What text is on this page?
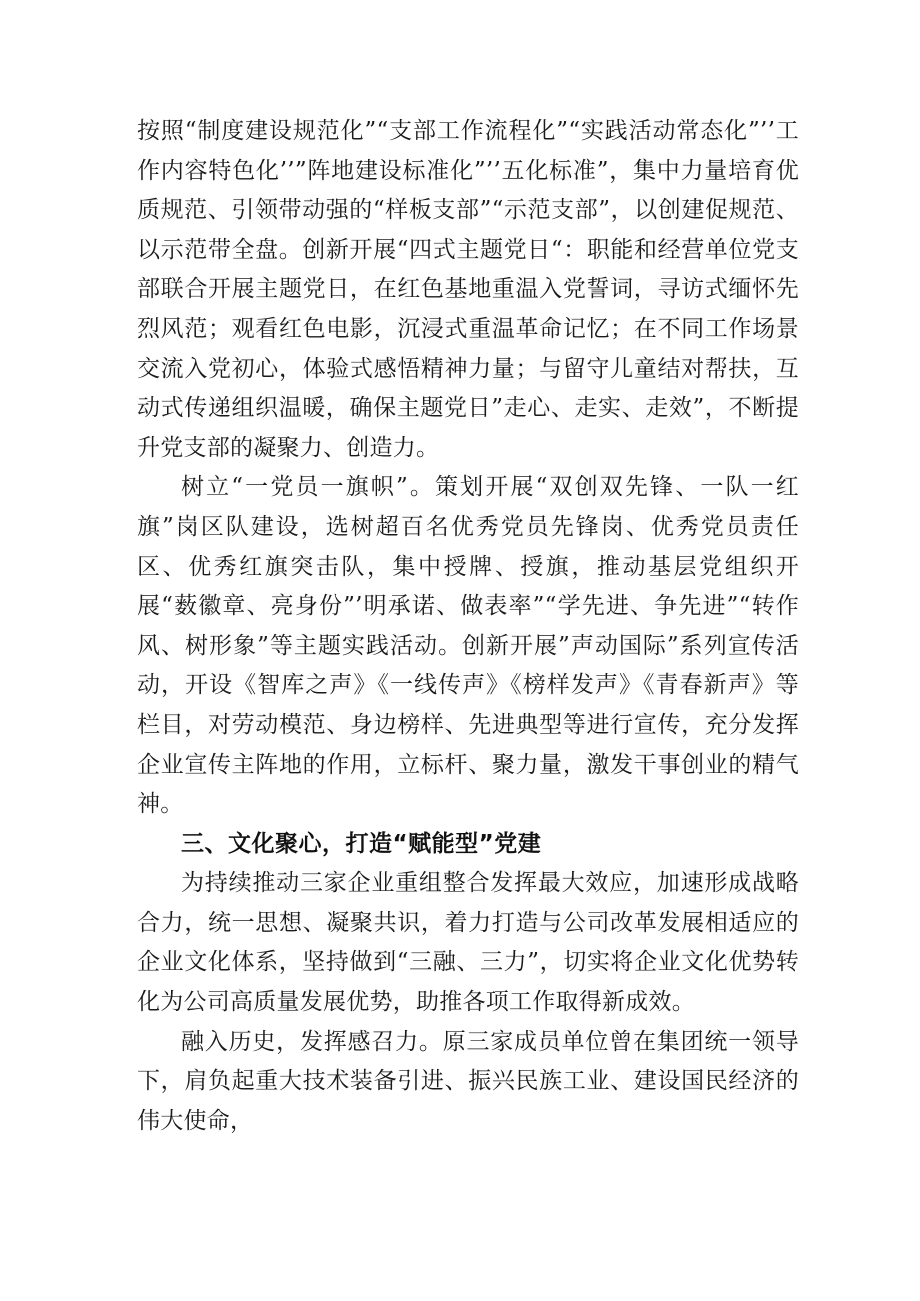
按照“制度建设规范化”“支部工作流程化”“实践活动常态化”’’工作内容特色化’’”阵地建设标准化”’’五化标准”，集中力量培育优质规范、引领带动强的“样板支部”“示范支部”，以创建促规范、以示范带全盘。创新开展“四式主题党日“：职能和经营单位党支部联合开展主题党日，在红色基地重温入党誓词，寻访式缅怀先烈风范；观看红色电影，沉浸式重温革命记忆；在不同工作场景交流入党初心，体验式感悟精神力量；与留守儿童结对帮扶，互动式传递组织温暖，确保主题党日”走心、走实、走效”，不断提升党支部的凝聚力、创造力。

树立“一党员一旗帜”。策划开展“双创双先锋、一队一红旗”岗区队建设，选树超百名优秀党员先锋岗、优秀党员责任区、优秀红旗突击队，集中授牌、授旗，推动基层党组织开展“薮徽章、亮身份”’明承诺、做表率”“学先进、争先进”“转作风、树形象”等主题实践活动。创新开展”声动国际”系列宣传活动，开设《智库之声》《一线传声》《榜样发声》《青春新声》等栏目，对劳动模范、身边榜样、先进典型等进行宣传，充分发挥企业宣传主阵地的作用，立标杆、聚力量，激发干事创业的精气神。

三、文化聚心，打造“赋能型”党建

为持续推动三家企业重组整合发挥最大效应，加速形成战略合力，统一思想、凝聚共识，着力打造与公司改革发展相适应的企业文化体系，坚持做到“三融、三力”，切实将企业文化优势转化为公司高质量发展优势，助推各项工作取得新成效。

融入历史，发挥感召力。原三家成员单位曾在集团统一领导下，肩负起重大技术装备引进、振兴民族工业、建设国民经济的伟大使命，
